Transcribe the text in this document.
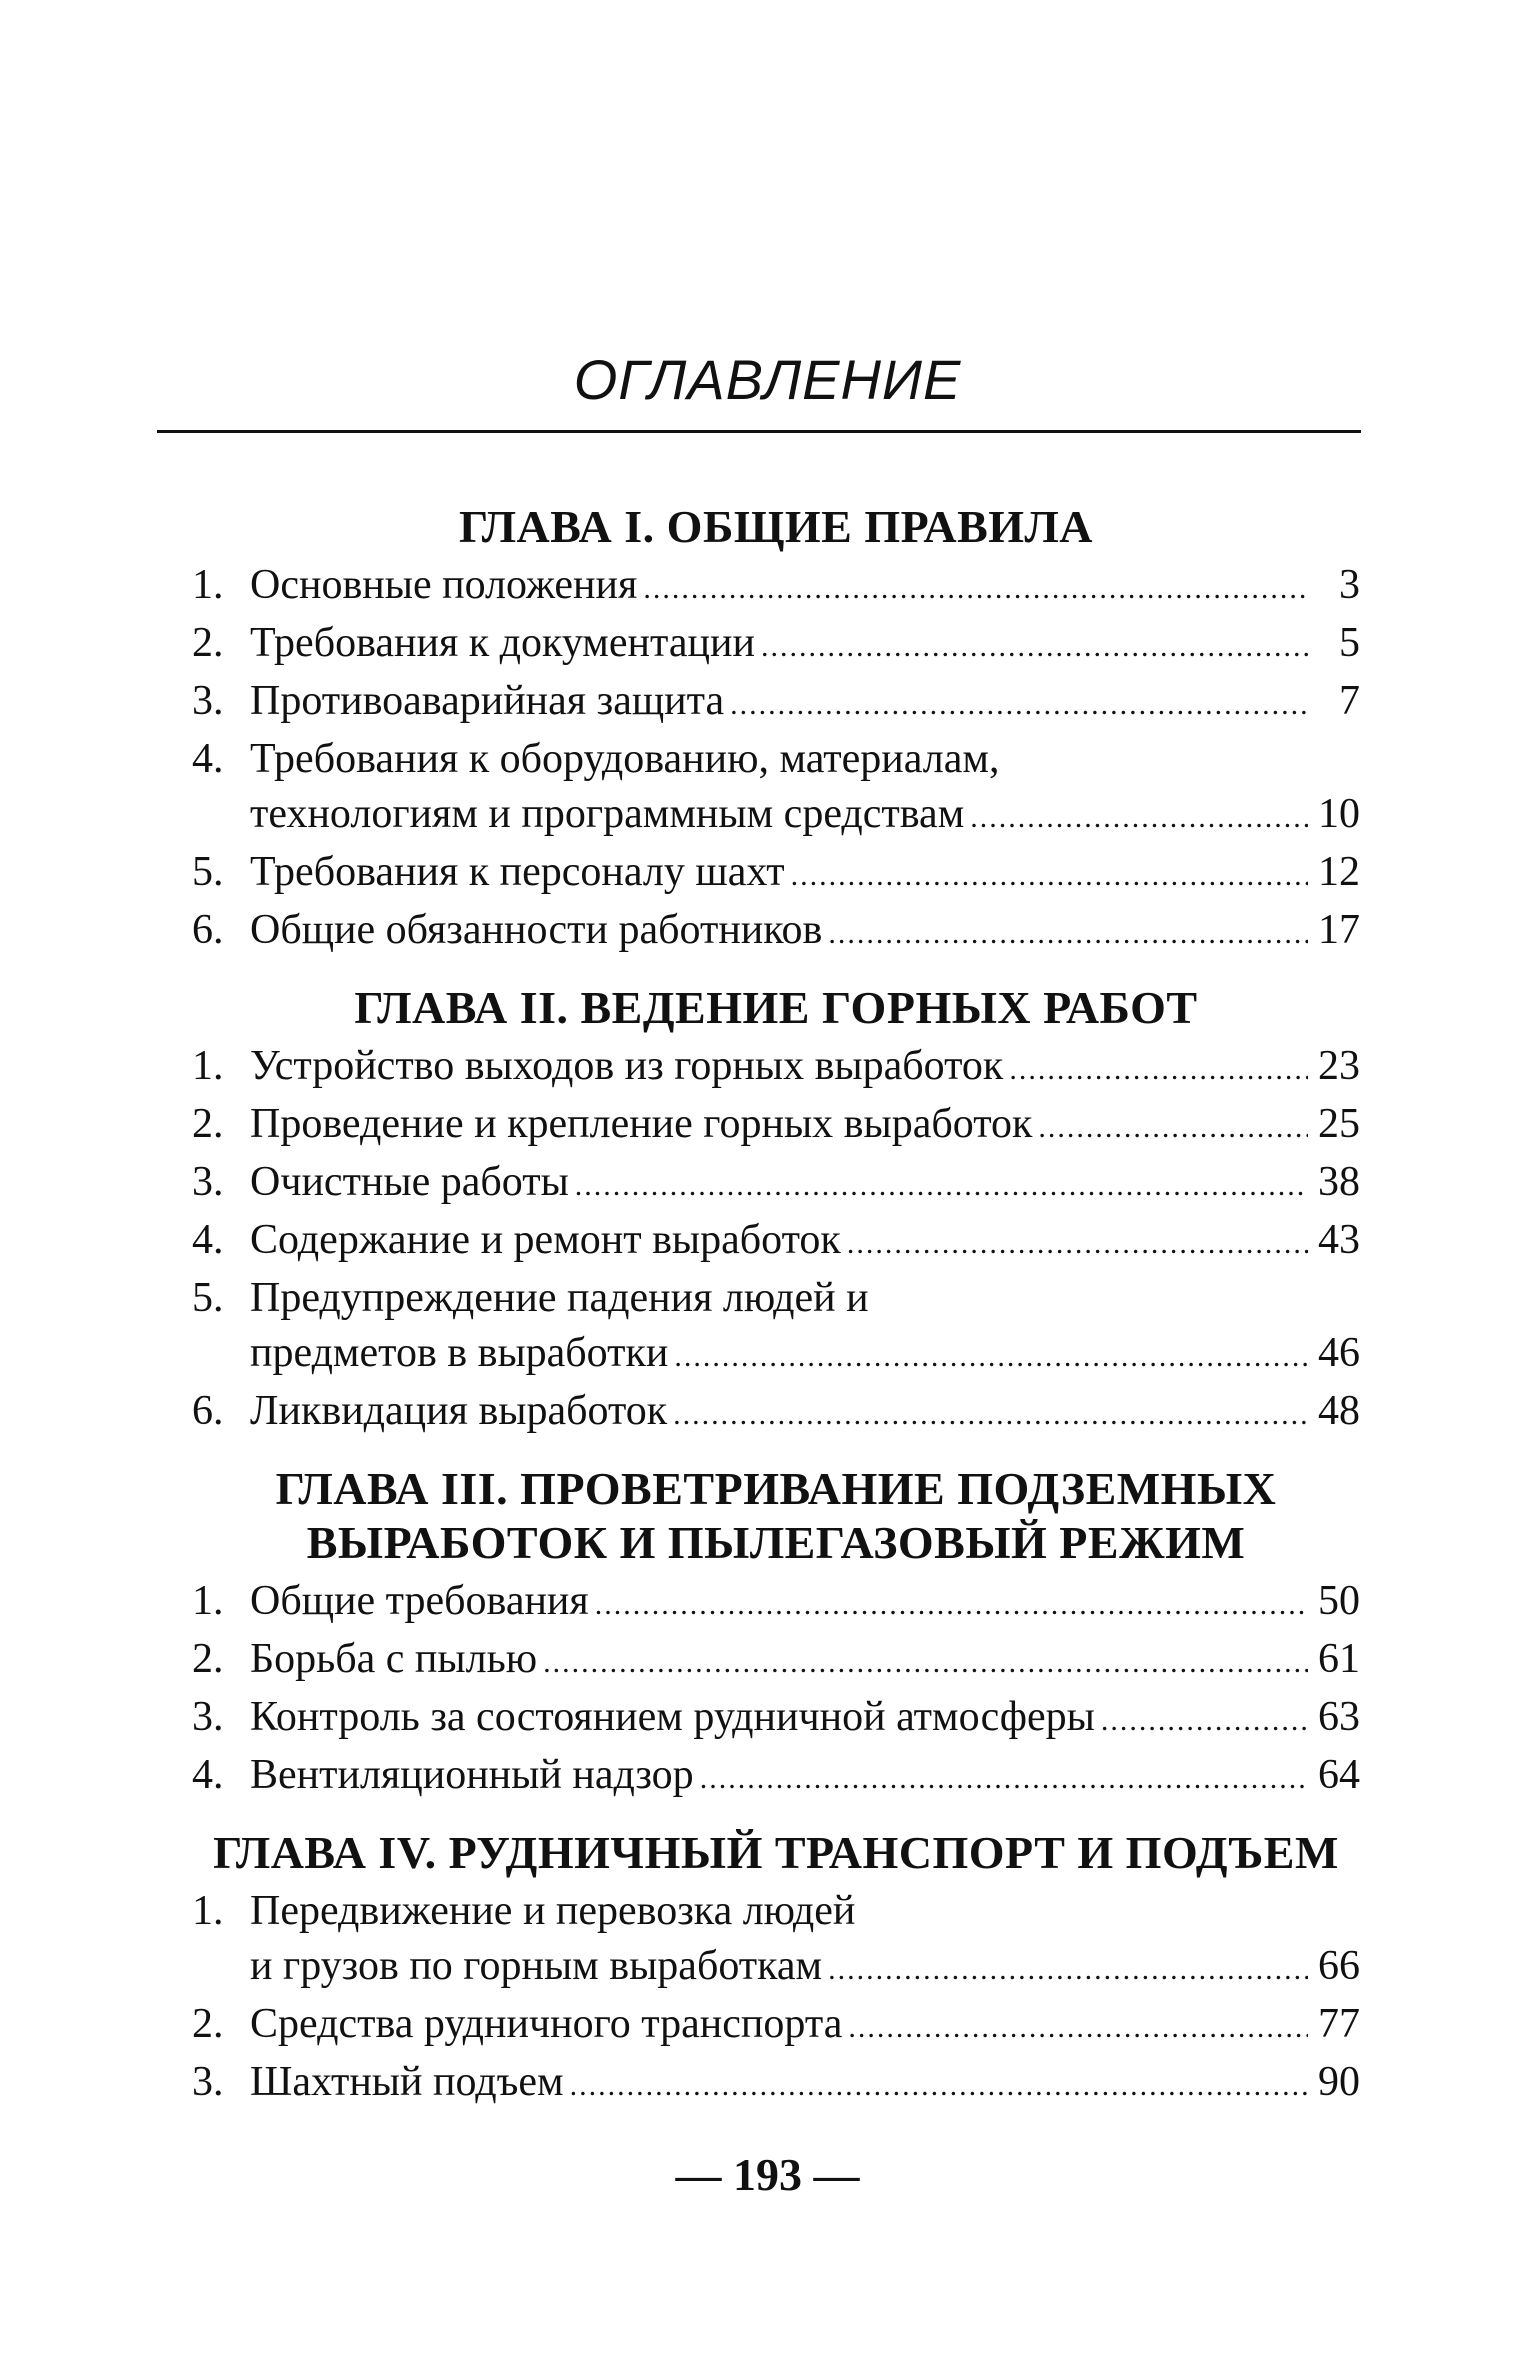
ОГЛАВЛЕНИЕ
ГЛАВА I. ОБЩИЕ ПРАВИЛА
1. Основные положения .....	3
2. Требования к документации .....	5
3. Противоаварийная защита .....	7
4. Требования к оборудованию, материалам,
технологиям и программным средствам .....	10
5. Требования к персоналу шахт .....	12
6. Общие обязанности работников .....	17
ГЛАВА II. ВЕДЕНИЕ ГОРНЫХ РАБОТ
1. Устройство выходов из горных выработок .....	23
2. Проведение и крепление горных выработок .....	25
3. Очистные работы .....	38
4. Содержание и ремонт выработок .....	43
5. Предупреждение падения людей и
предметов в выработки .....	46
6. Ликвидация выработок .....	48
ГЛАВА III. ПРОВЕТРИВАНИЕ ПОДЗЕМНЫХ
ВЫРАБОТОК И ПЫЛЕГАЗОВЫЙ РЕЖИМ
1. Общие требования .....	50
2. Борьба с пылью .....	61
3. Контроль за состоянием рудничной атмосферы .....	63
4. Вентиляционный надзор .....	64
ГЛАВА IV. РУДНИЧНЫЙ ТРАНСПОРТ И ПОДЪЕМ
1. Передвижение и перевозка людей
и грузов по горным выработкам .....	66
2. Средства рудничного транспорта .....	77
3. Шахтный подъем .....	90
— 193 —
